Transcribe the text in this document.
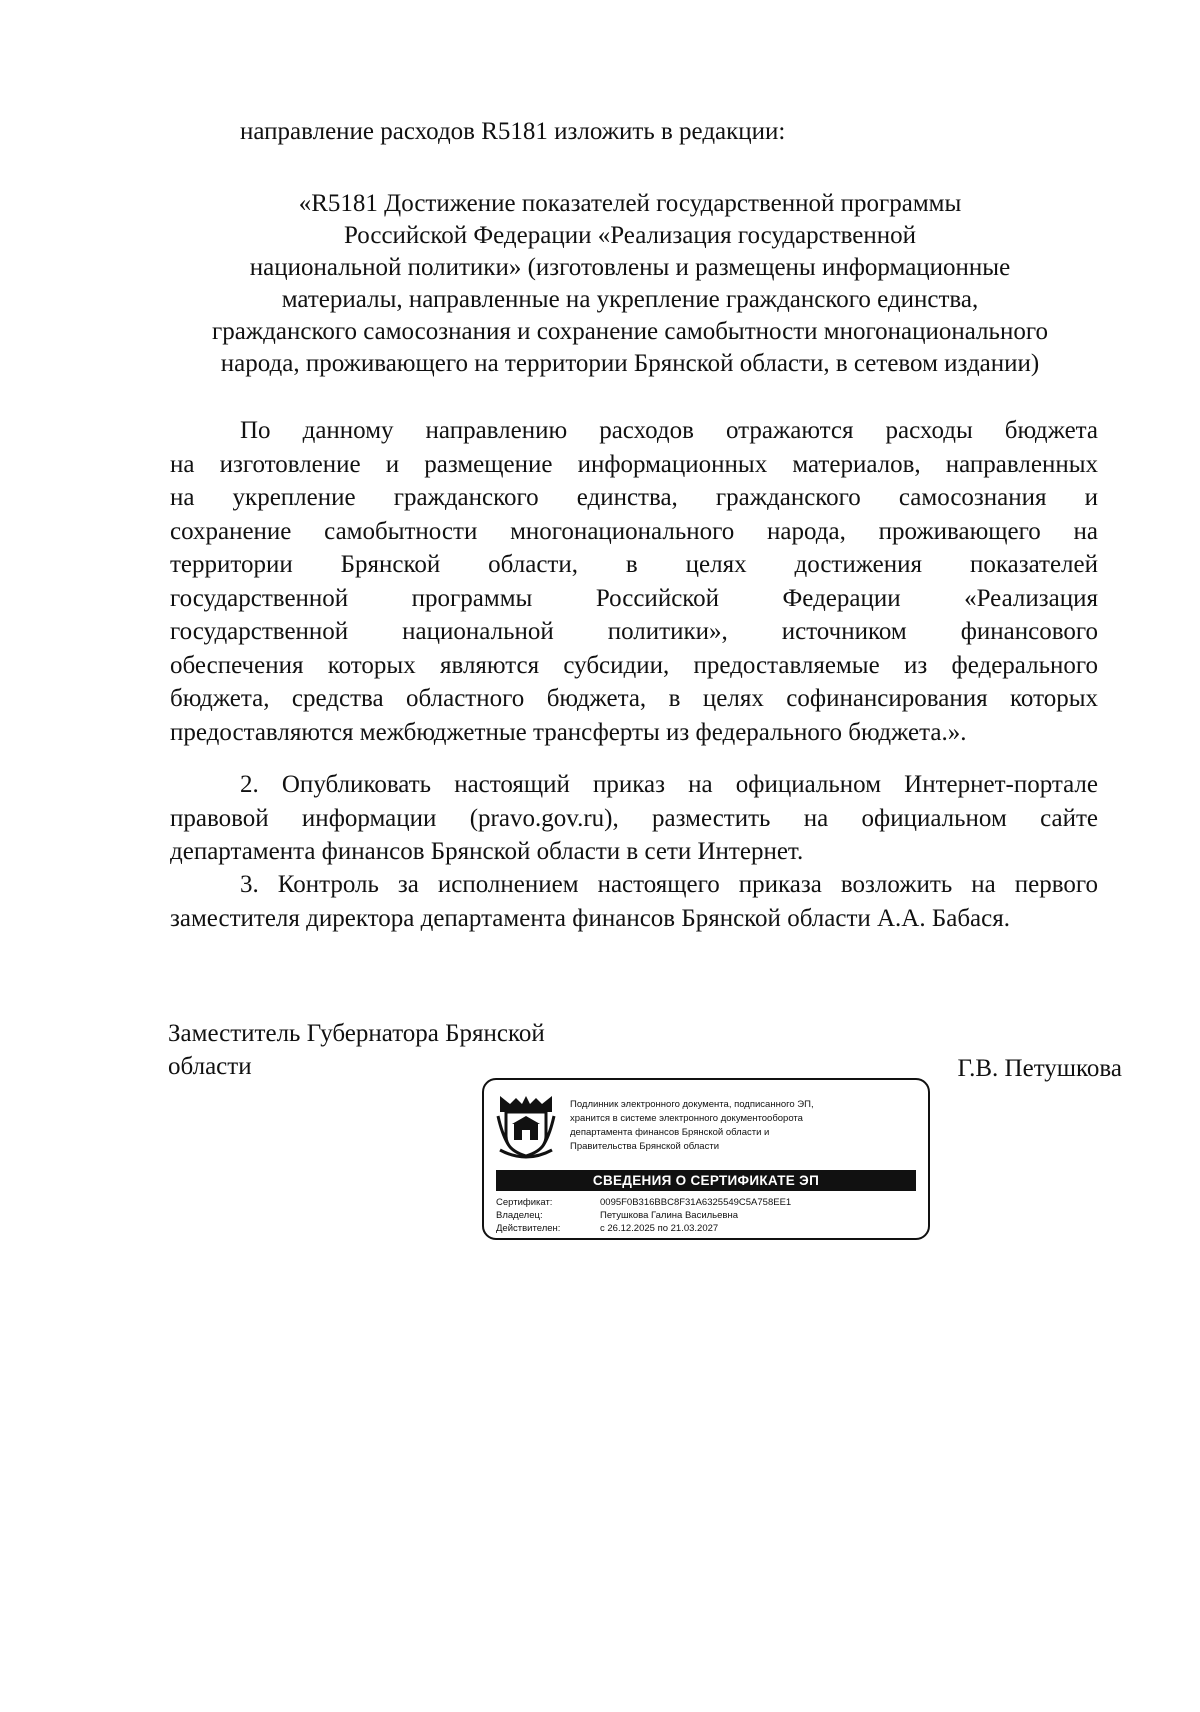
направление расходов R5181 изложить в редакции:
«R5181 Достижение показателей государственной программы
Российской Федерации «Реализация государственной
национальной политики» (изготовлены и размещены информационные
материалы, направленные на укрепление гражданского единства,
гражданского самосознания и сохранение самобытности многонационального
народа, проживающего на территории Брянской области, в сетевом издании)
По данному направлению расходов отражаются расходы бюджета
на изготовление и размещение информационных материалов, направленных
на укрепление гражданского единства, гражданского самосознания и
сохранение самобытности многонационального народа, проживающего на
территории Брянской области, в целях достижения показателей
государственной программы Российской Федерации «Реализация
государственной национальной политики», источником финансового
обеспечения которых являются субсидии, предоставляемые из федерального
бюджета, средства областного бюджета, в целях софинансирования которых
предоставляются межбюджетные трансферты из федерального бюджета.».
2. Опубликовать настоящий приказ на официальном Интернет-портале
правовой информации (pravo.gov.ru), разместить на официальном сайте
департамента финансов Брянской области в сети Интернет.
3. Контроль за исполнением настоящего приказа возложить на первого
заместителя директора департамента финансов Брянской области А.А. Бабася.
Заместитель Губернатора Брянской
области	Г.В. Петушкова
Подлинник электронного документа, подписанного ЭП,
хранится в системе электронного документооборота
департамента финансов Брянской области и
Правительства Брянской области
СВЕДЕНИЯ О СЕРТИФИКАТЕ ЭП
Сертификат:	0095F0B316BBC8F31A6325549C5A758EE1
Владелец:	Петушкова Галина Васильевна
Действителен:	с 26.12.2025 по 21.03.2027
